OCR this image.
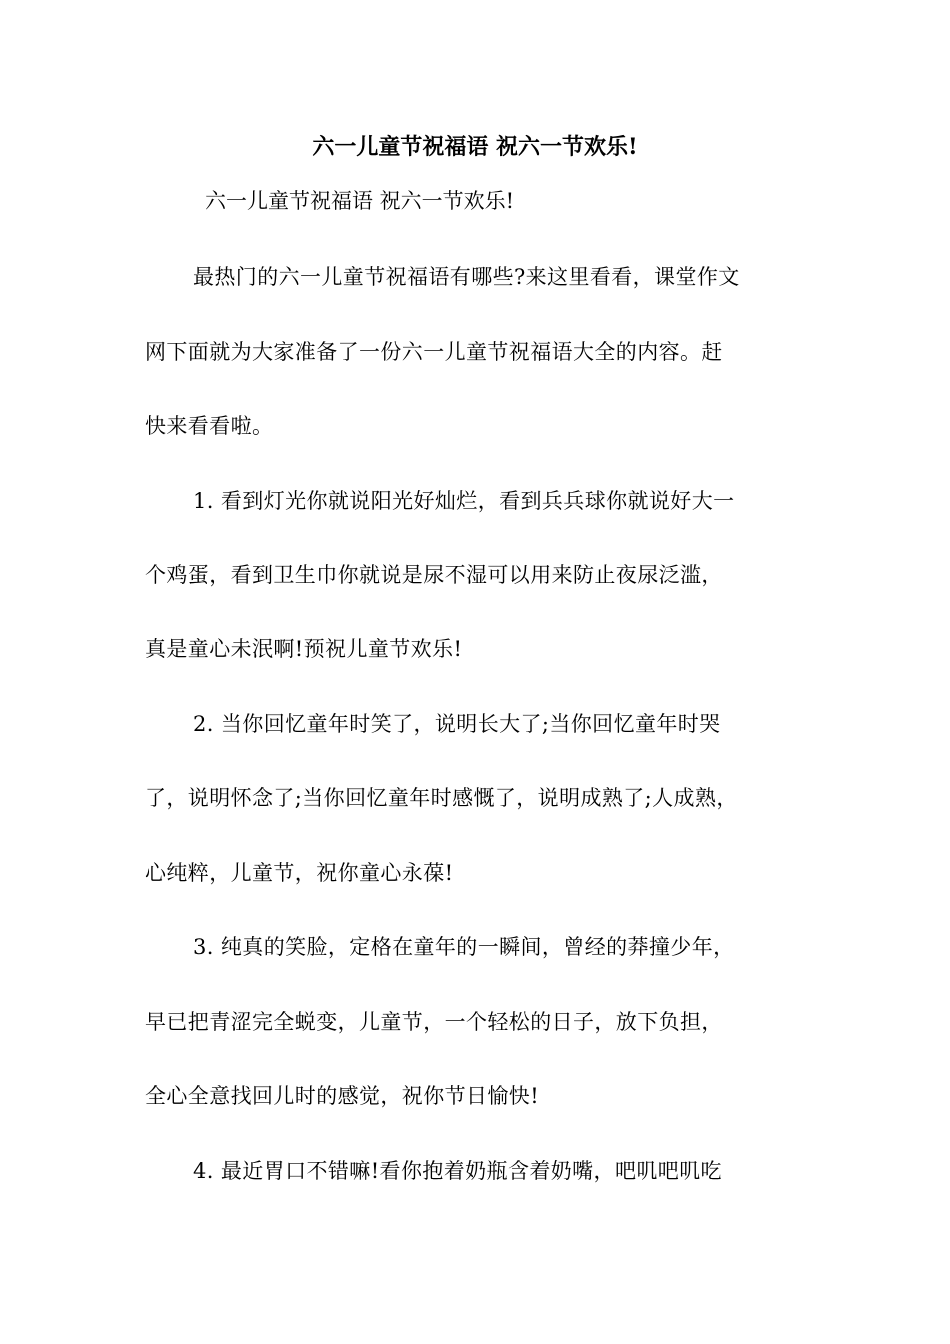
六一儿童节祝福语 祝六一节欢乐!
六一儿童节祝福语 祝六一节欢乐!
最热门的六一儿童节祝福语有哪些?来这里看看，课堂作文
网下面就为大家准备了一份六一儿童节祝福语大全的内容。赶
快来看看啦。
1. 看到灯光你就说阳光好灿烂，看到兵兵球你就说好大一
个鸡蛋，看到卫生巾你就说是尿不湿可以用来防止夜尿泛滥，
真是童心未泯啊!预祝儿童节欢乐!
2. 当你回忆童年时笑了，说明长大了;当你回忆童年时哭
了，说明怀念了;当你回忆童年时感慨了，说明成熟了;人成熟，
心纯粹，儿童节，祝你童心永葆!
3. 纯真的笑脸，定格在童年的一瞬间，曾经的莽撞少年，
早已把青涩完全蜕变，儿童节，一个轻松的日子，放下负担，
全心全意找回儿时的感觉，祝你节日愉快!
4. 最近胃口不错嘛!看你抱着奶瓶含着奶嘴，吧叽吧叽吃
